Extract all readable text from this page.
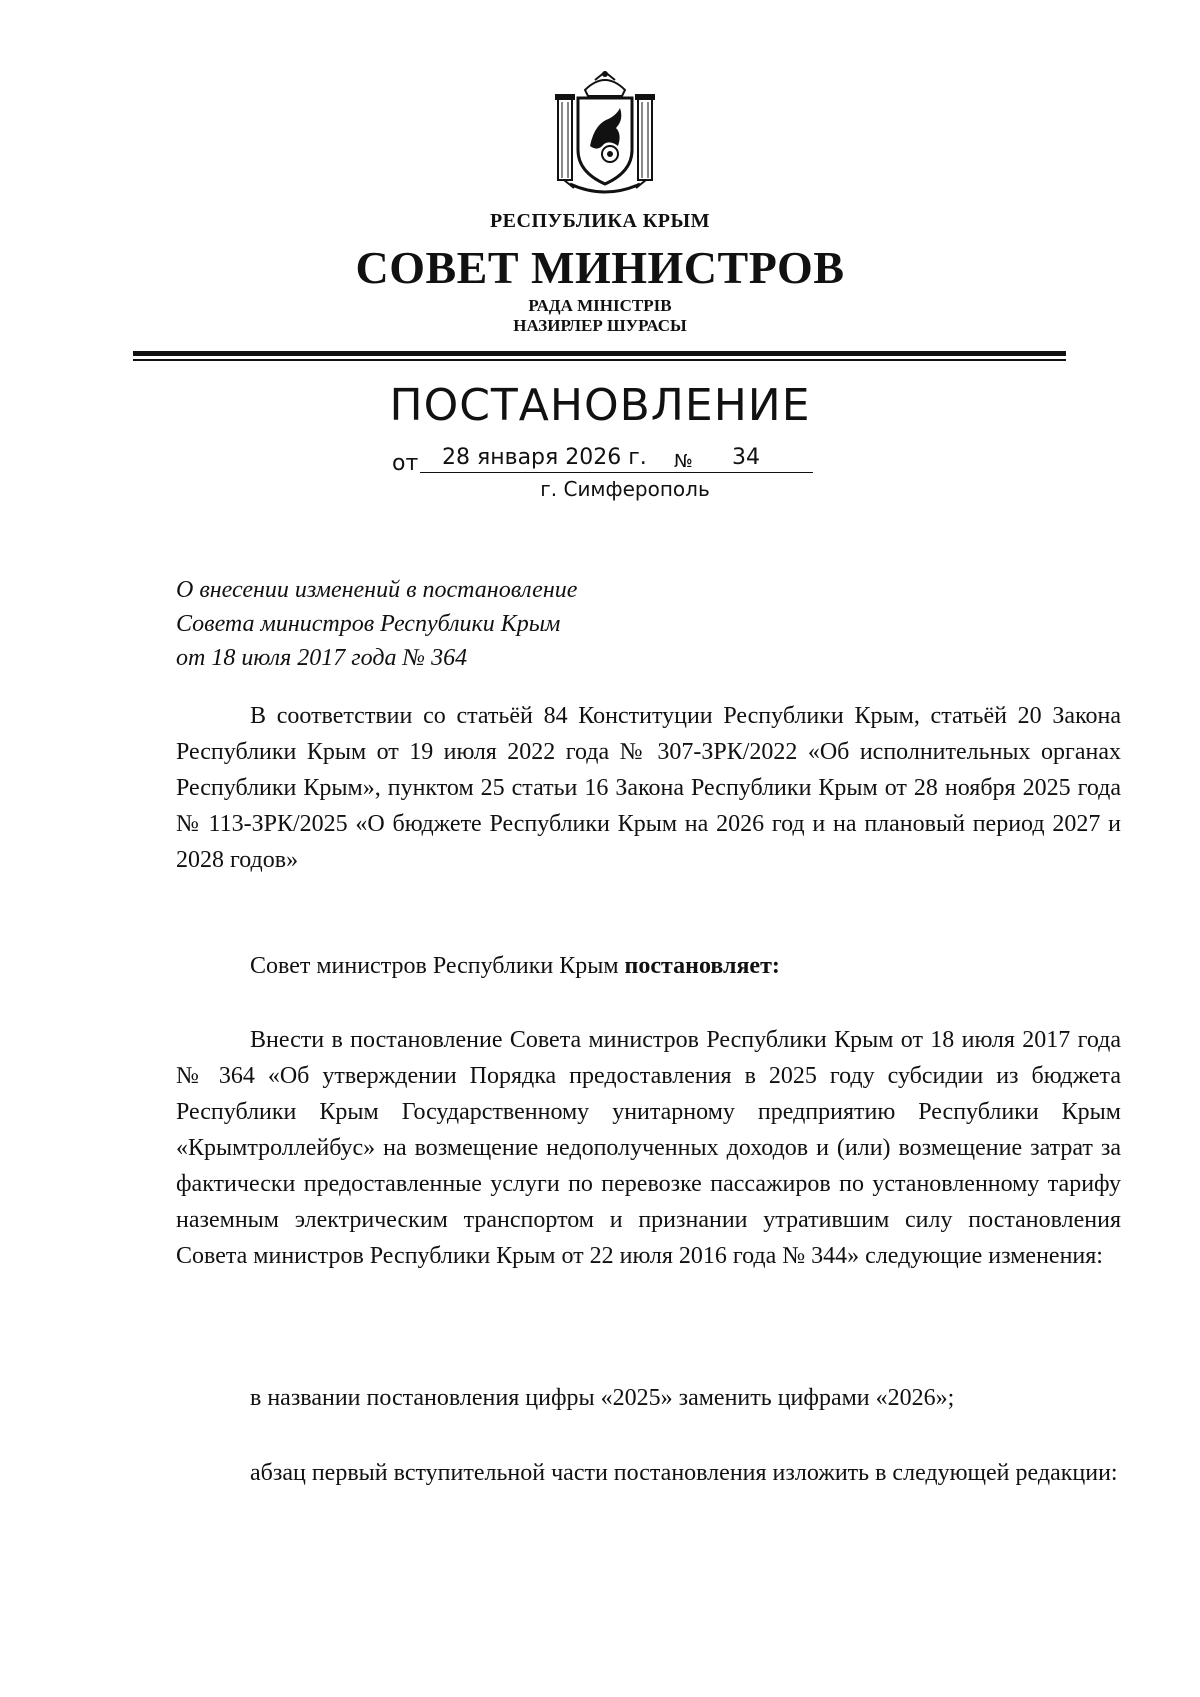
РЕСПУБЛИКА КРЫМ
СОВЕТ МИНИСТРОВ
РАДА МІНІСТРІВ
НАЗИРЛЕР ШУРАСЫ
ПОСТАНОВЛЕНИЕ
от 28 января 2026 г. № 34
г. Симферополь
О внесении изменений в постановление
Совета министров Республики Крым
от 18 июля 2017 года № 364

В соответствии со статьёй 84 Конституции Республики Крым, статьёй 20 Закона Республики Крым от 19 июля 2022 года № 307-ЗРК/2022 «Об исполнительных органах Республики Крым», пунктом 25 статьи 16 Закона Республики Крым от 28 ноября 2025 года № 113-ЗРК/2025 «О бюджете Республики Крым на 2026 год и на плановый период 2027 и 2028 годов»

Совет министров Республики Крым постановляет:

Внести в постановление Совета министров Республики Крым от 18 июля 2017 года № 364 «Об утверждении Порядка предоставления в 2025 году субсидии из бюджета Республики Крым Государственному унитарному предприятию Республики Крым «Крымтроллейбус» на возмещение недополученных доходов и (или) возмещение затрат за фактически предоставленные услуги по перевозке пассажиров по установленному тарифу наземным электрическим транспортом и признании утратившим силу постановления Совета министров Республики Крым от 22 июля 2016 года № 344» следующие изменения:

в названии постановления цифры «2025» заменить цифрами «2026»;

абзац первый вступительной части постановления изложить в следующей редакции:
